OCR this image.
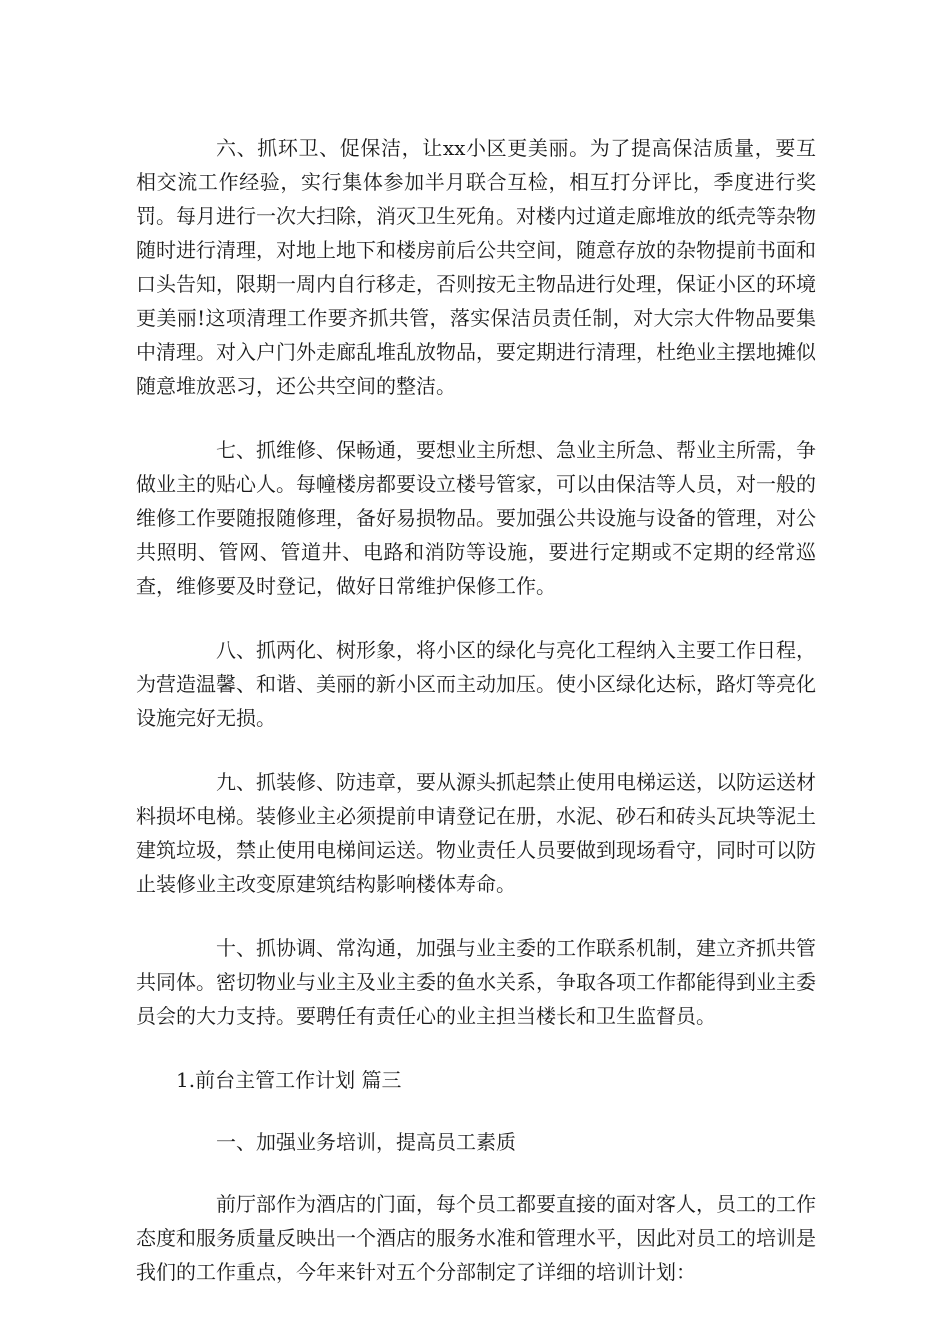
六、抓环卫、促保洁，让xx小区更美丽。为了提高保洁质量，要互相交流工作经验，实行集体参加半月联合互检，相互打分评比，季度进行奖罚。每月进行一次大扫除，消灭卫生死角。对楼内过道走廊堆放的纸壳等杂物随时进行清理，对地上地下和楼房前后公共空间，随意存放的杂物提前书面和口头告知，限期一周内自行移走，否则按无主物品进行处理，保证小区的环境更美丽!这项清理工作要齐抓共管，落实保洁员责任制，对大宗大件物品要集中清理。对入户门外走廊乱堆乱放物品，要定期进行清理，杜绝业主摆地摊似随意堆放恶习，还公共空间的整洁。

七、抓维修、保畅通，要想业主所想、急业主所急、帮业主所需，争做业主的贴心人。每幢楼房都要设立楼号管家，可以由保洁等人员，对一般的维修工作要随报随修理，备好易损物品。要加强公共设施与设备的管理，对公共照明、管网、管道井、电路和消防等设施，要进行定期或不定期的经常巡查，维修要及时登记，做好日常维护保修工作。

八、抓两化、树形象，将小区的绿化与亮化工程纳入主要工作日程，为营造温馨、和谐、美丽的新小区而主动加压。使小区绿化达标，路灯等亮化设施完好无损。

九、抓装修、防违章，要从源头抓起禁止使用电梯运送，以防运送材料损坏电梯。装修业主必须提前申请登记在册，水泥、砂石和砖头瓦块等泥土建筑垃圾，禁止使用电梯间运送。物业责任人员要做到现场看守，同时可以防止装修业主改变原建筑结构影响楼体寿命。

十、抓协调、常沟通，加强与业主委的工作联系机制，建立齐抓共管共同体。密切物业与业主及业主委的鱼水关系，争取各项工作都能得到业主委员会的大力支持。要聘任有责任心的业主担当楼长和卫生监督员。

1.前台主管工作计划 篇三

一、加强业务培训，提高员工素质

前厅部作为酒店的门面，每个员工都要直接的面对客人，员工的工作态度和服务质量反映出一个酒店的服务水准和管理水平，因此对员工的培训是我们的工作重点，今年来针对五个分部制定了详细的培训计划：
